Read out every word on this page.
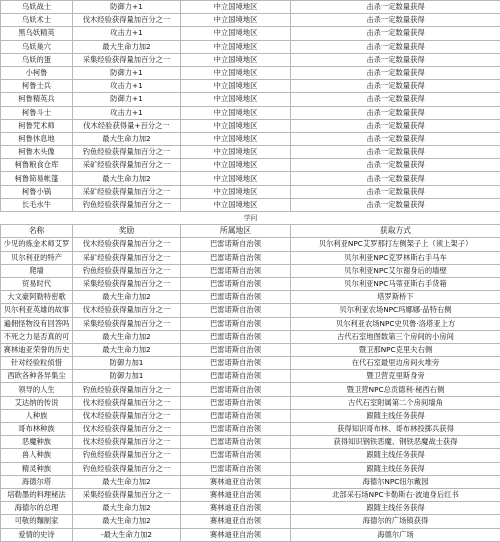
乌妖战士	防御力+1	中立国境地区	击杀一定数量获得
乌妖术士	伐木经验获得量加百分之一	中立国境地区	击杀一定数量获得
黑乌妖精英	攻击力+1	中立国境地区	击杀一定数量获得
乌妖巢穴	最大生命力加2	中立国境地区	击杀一定数量获得
乌妖的蛋	采集经验获得量加百分之一	中立国境地区	击杀一定数量获得
小柯鲁	防御力+1	中立国境地区	击杀一定数量获得
柯鲁士兵	攻击力+1	中立国境地区	击杀一定数量获得
柯鲁精英兵	防御力+1	中立国境地区	击杀一定数量获得
柯鲁斗士	攻击力+1	中立国境地区	击杀一定数量获得
柯鲁咒术师	伐木经验获得量+百分之一	中立国境地区	击杀一定数量获得
柯鲁休息地	最大生命力加2	中立国境地区	击杀一定数量获得
柯鲁木头像	钓鱼经验获得量加百分之一	中立国境地区	击杀一定数量获得
柯鲁粮食仓库	采矿经验获得量加百分之一	中立国境地区	击杀一定数量获得
柯鲁简易帐篷	最大生命力加2	中立国境地区	击杀一定数量获得
柯鲁小锅	采矿经验获得量加百分之一	中立国境地区	击杀一定数量获得
长毛水牛	钓鱼经验获得量加百分之一	中立国境地区	击杀一定数量获得
学问			
名称	奖励	所属地区	获取方式
少见的炼金术师艾罗	伐木经验获得量加百分之一	巴雷诺斯自治领	贝尔利亚NPC艾罗那打左侧架子上（须上架子）
贝尔利亚的特产	采矿经验获得量加百分之一	巴雷诺斯自治领	贝尔利亚NPC克罗林斯右手马车
爬墙	钓鱼经验获得量加百分之一	巴雷诺斯自治领	贝尔利亚NPC艾尔谢身后的墙壁
贸易时代	采集经验获得量加百分之一	巴雷诺斯自治领	贝尔利亚NPC马蒂亚斯右手货箱
大文豪阿勒特密歌	最大生命力加2	巴雷诺斯自治领	塔罗斯桥下
贝尔利亚英雄的故事	伐木经验获得量加百分之一	巴雷诺斯自治领	贝尔利亚农场NPC玛娜娜·品特右侧
遍佣怪物没有回答吗	采集经验获得量加百分之一	巴雷诺斯自治领	贝尔利亚农场NPC史贝鲁·洛塔亚上方
不死之力是否真的可	最大生命力加2	巴雷诺斯自治领	古代石室地图数第三个房间的小房间
赛林迪亚荣誉的历史	最大生命力加2	巴雷诺斯自治领	暨卫那NPC克里夫右侧
针对经验粒侦惜	防御力加1	巴雷诺斯自治领	在代石室最里边房间火堆旁
西欧各种各异集尘	防御力加1	巴雷诺斯自治领	暨卫营克里斯身旁
领导的人生	钓鱼经验获得量加百分之一	巴雷诺斯自治领	暨卫营NPC总贡德利·秘西右侧
艾达纳的传说	伐木经验获得量加百分之一	巴雷诺斯自治领	古代石室附属第二个房间墙角
人种族	伐木经验获得量加百分之一	巴雷诺斯自治领	跟随主线任务获得
哥布林种族	伐木经验获得量加百分之一	巴雷诺斯自治领	获得知识哥布林、哥布林投掷兵获得
恶魔种族	伐木经验获得量加百分之一	巴雷诺斯自治领	获得知识钢铁恶魔、钢铁恶魔战士获得
兽人种族	钓鱼经验获得量加百分之一	巴雷诺斯自治领	跟随主线任务获得
精灵种族	钓鱼经验获得量加百分之一	巴雷诺斯自治领	跟随主线任务获得
海德尔塔	最大生命力加2	赛林迪亚自治领	海德尔NPC纽尔戴园
培勒墨的料理秘法	采集经验获得量加百分之一	赛林迪亚自治领	北部采石场NPC卡勒斯右·波迪身后红书
海德尔的总理	最大生命力加2	赛林迪亚自治领	跟随主线任务获得
可敬的麵制家	最大生命力加2	赛林迪亚自治领	海德尔的广场镇获得
爱情的史诗	-最大生命力加2	赛林迪亚自治领	海德尔广场
